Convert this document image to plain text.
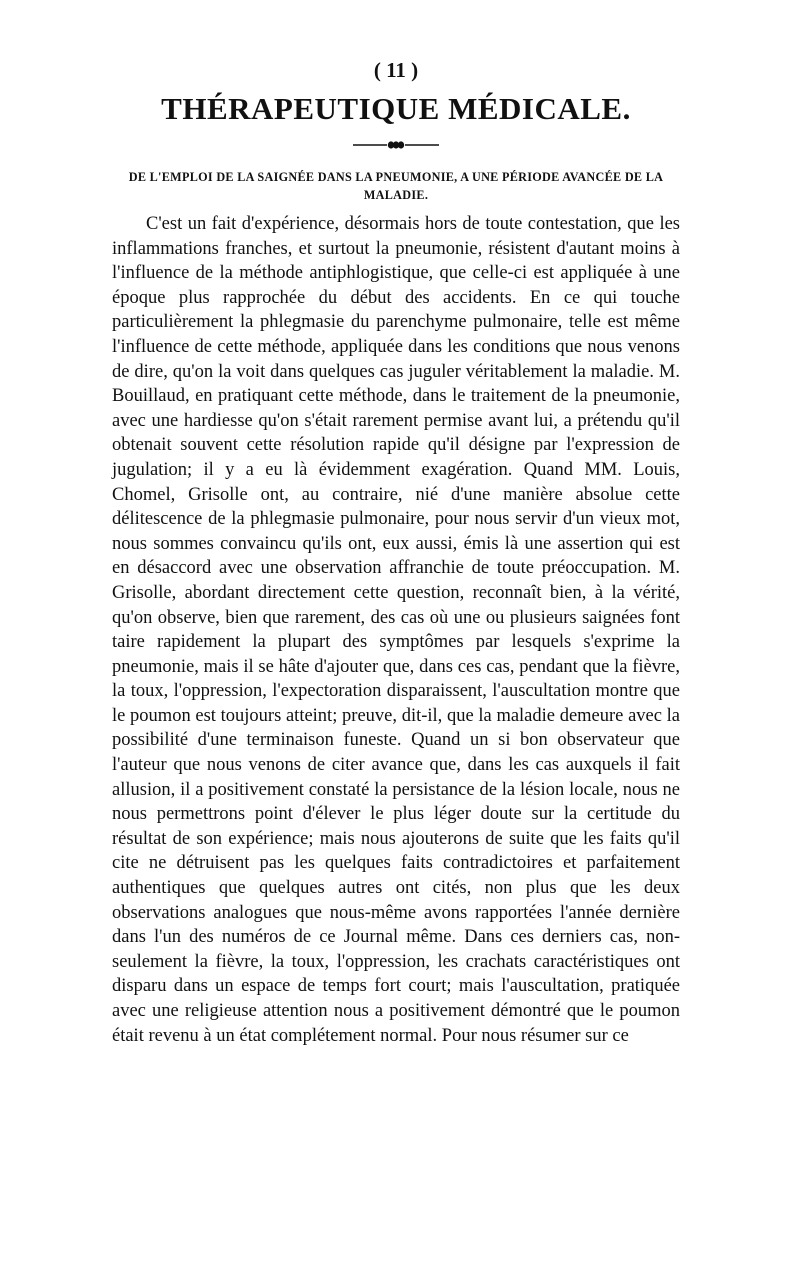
( 11 )

THÉRAPEUTIQUE MÉDICALE.
DE L'EMPLOI DE LA SAIGNÉE DANS LA PNEUMONIE, A UNE PÉRIODE AVANCÉE DE LA MALADIE.

C'est un fait d'expérience, désormais hors de toute contestation, que les inflammations franches, et surtout la pneumonie, résistent d'autant moins à l'influence de la méthode antiphlogistique, que celle-ci est appliquée à une époque plus rapprochée du début des accidents. En ce qui touche particulièrement la phlegmasie du parenchyme pulmonaire, telle est même l'influence de cette méthode, appliquée dans les conditions que nous venons de dire, qu'on la voit dans quelques cas juguler véritablement la maladie. M. Bouillaud, en pratiquant cette méthode, dans le traitement de la pneumonie, avec une hardiesse qu'on s'était rarement permise avant lui, a prétendu qu'il obtenait souvent cette résolution rapide qu'il désigne par l'expression de jugulation; il y a eu là évidemment exagération. Quand MM. Louis, Chomel, Grisolle ont, au contraire, nié d'une manière absolue cette délitescence de la phlegmasie pulmonaire, pour nous servir d'un vieux mot, nous sommes convaincu qu'ils ont, eux aussi, émis là une assertion qui est en désaccord avec une observation affranchie de toute préoccupation. M. Grisolle, abordant directement cette question, reconnaît bien, à la vérité, qu'on observe, bien que rarement, des cas où une ou plusieurs saignées font taire rapidement la plupart des symptômes par lesquels s'exprime la pneumonie, mais il se hâte d'ajouter que, dans ces cas, pendant que la fièvre, la toux, l'oppression, l'expectoration disparaissent, l'auscultation montre que le poumon est toujours atteint; preuve, dit-il, que la maladie demeure avec la possibilité d'une terminaison funeste. Quand un si bon observateur que l'auteur que nous venons de citer avance que, dans les cas auxquels il fait allusion, il a positivement constaté la persistance de la lésion locale, nous ne nous permettrons point d'élever le plus léger doute sur la certitude du résultat de son expérience; mais nous ajouterons de suite que les faits qu'il cite ne détruisent pas les quelques faits contradictoires et parfaitement authentiques que quelques autres ont cités, non plus que les deux observations analogues que nous-même avons rapportées l'année dernière dans l'un des numéros de ce Journal même. Dans ces derniers cas, non-seulement la fièvre, la toux, l'oppression, les crachats caractéristiques ont disparu dans un espace de temps fort court; mais l'auscultation, pratiquée avec une religieuse attention nous a positivement démontré que le poumon était revenu à un état complétement normal. Pour nous résumer sur ce
